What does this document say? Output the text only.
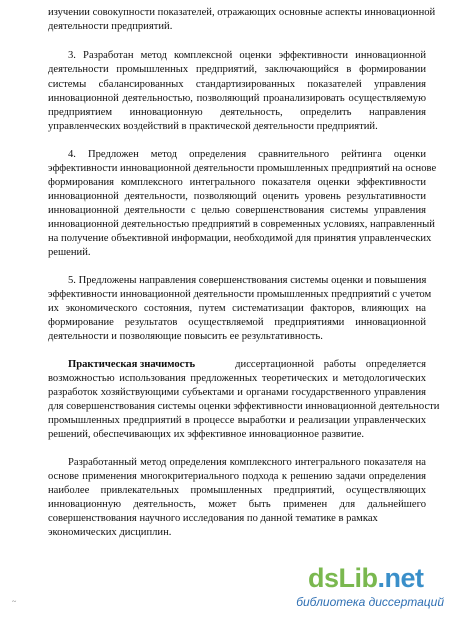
изучении совокупности показателей, отражающих основные аспекты инновационной
деятельности предприятий.
3. Разработан метод комплексной оценки эффективности инновационной
деятельности промышленных предприятий, заключающийся в формировании
системы сбалансированных стандартизированных показателей управления
инновационной деятельностью, позволяющий проанализировать осуществляемую
предприятием инновационную деятельность, определить направления
управленческих воздействий в практической деятельности предприятий.
4. Предложен метод определения сравнительного рейтинга оценки
эффективности инновационной деятельности промышленных предприятий на основе
формирования комплексного интегрального показателя оценки эффективности
инновационной деятельности, позволяющий оценить уровень результативности
инновационной деятельности с целью совершенствования системы управления
инновационной деятельностью предприятий в современных условиях, направленный
на получение объективной информации, необходимой для принятия управленческих
решений.
5. Предложены направления совершенствования системы оценки и повышения
эффективности инновационной деятельности промышленных предприятий с учетом
их экономического состояния, путем систематизации факторов, влияющих на
формирование результатов осуществляемой предприятиями инновационной
деятельности и позволяющие повысить ее результативность.
Практическая значимость	диссертационной работы определяется
возможностью использования предложенных теоретических и методологических
разработок хозяйствующими субъектами и органами государственного управления
для совершенствования системы оценки эффективности инновационной деятельности
промышленных предприятий в процессе выработки и реализации управленческих
решений, обеспечивающих их эффективное инновационное развитие.
Разработанный метод определения комплексного интегрального показателя на
основе применения многокритериального подхода к решению задачи определения
наиболее привлекательных промышленных предприятий, осуществляющих
инновационную деятельность, может быть применен для дальнейшего
совершенствования научного исследования по данной тематике в рамках
экономических дисциплин.
~
dsLib.net
библиотека диссертаций
